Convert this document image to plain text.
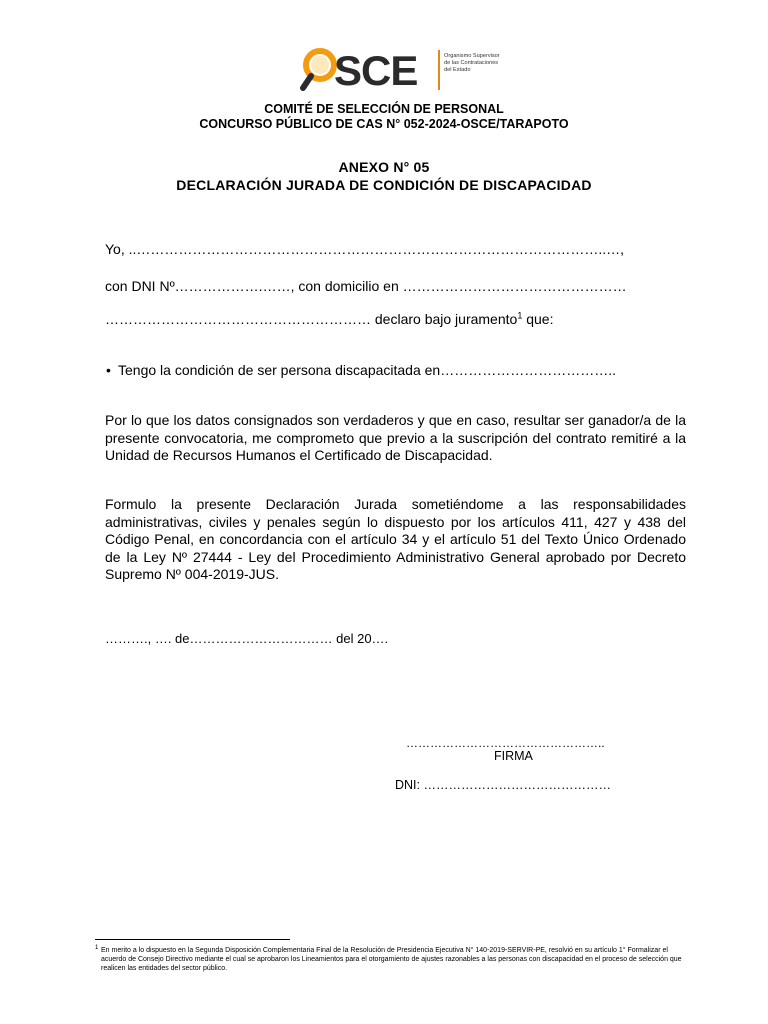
SCE	Organismo Supervisor de las Contrataciones del Estado
COMITÉ DE SELECCIÓN DE PERSONAL
CONCURSO PÚBLICO DE CAS N° 052-2024-OSCE/TARAPOTO
ANEXO N° 05
DECLARACIÓN JURADA DE CONDICIÓN DE DISCAPACIDAD
Yo, ..………………………………………………………………………………………..…,
con DNI Nº……………….……, con domicilio en …………………………………………
………………………………………………… declaro bajo juramento$^1$ que:
• Tengo la condición de ser persona discapacitada en………………………………..
Por lo que los datos consignados son verdaderos y que en caso, resultar ser ganador/a de la presente convocatoria, me comprometo que previo a la suscripción del contrato remitiré a la Unidad de Recursos Humanos el Certificado de Discapacidad.
Formulo la presente Declaración Jurada sometiéndome a las responsabilidades administrativas, civiles y penales según lo dispuesto por los artículos 411, 427 y 438 del Código Penal, en concordancia con el artículo 34 y el artículo 51 del Texto Único Ordenado de la Ley Nº 27444 - Ley del Procedimiento Administrativo General aprobado por Decreto Supremo Nº 004-2019-JUS.
………., …. de…………………………… del 20….
…………………………………………..
FIRMA
DNI: ………………………………………
1 En merito a lo dispuesto en la Segunda Disposición Complementaria Final de la Resolución de Presidencia Ejecutiva N° 140-2019-SERVIR-PE, resolvió en su artículo 1° Formalizar el acuerdo de Consejo Directivo mediante el cual se aprobaron los Lineamientos para el otorgamiento de ajustes razonables a las personas con discapacidad en el proceso de selección que realicen las entidades del sector público.
